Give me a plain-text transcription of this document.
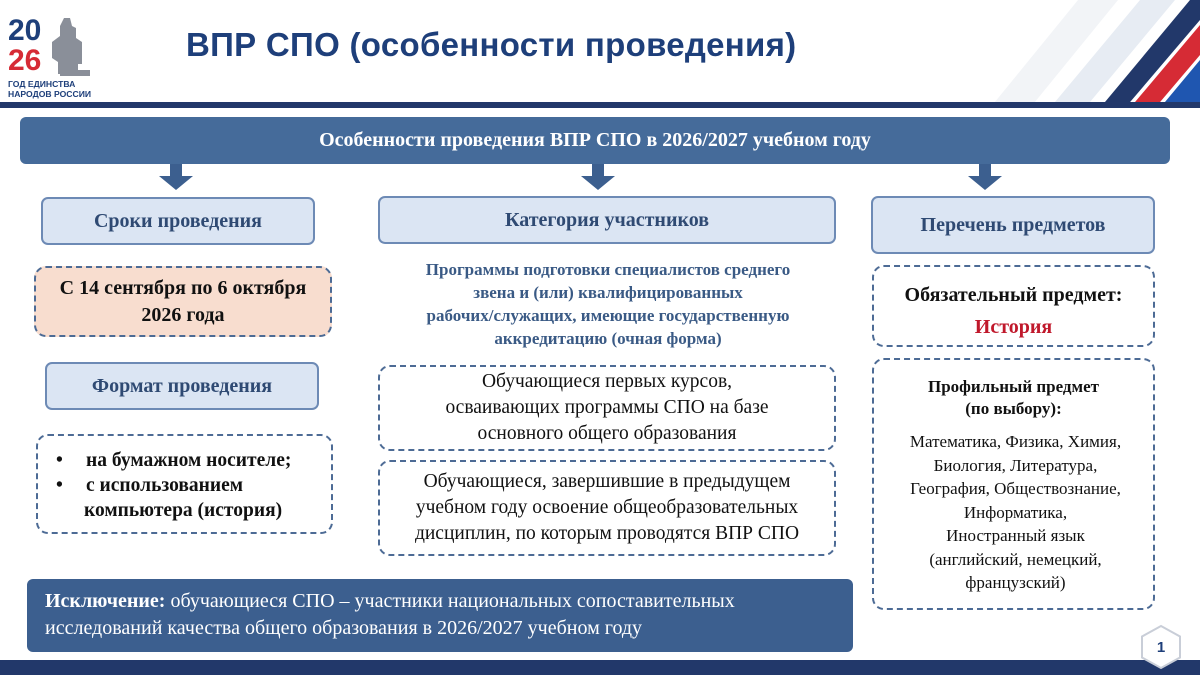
20
26
ГОД ЕДИНСТВА
НАРОДОВ РОССИИ
ВПР СПО (особенности проведения)
Особенности проведения ВПР СПО в 2026/2027 учебном году
Сроки проведения
С 14 сентября по 6 октября
2026 года
Формат проведения
• на бумажном носителе;
• с использованием
компьютера (история)
Категория участников
Программы подготовки специалистов среднего
звена и (или) квалифицированных
рабочих/служащих, имеющие государственную
аккредитацию (очная форма)
Обучающиеся первых курсов,
осваивающих программы СПО на базе
основного общего образования
Обучающиеся, завершившие в предыдущем
учебном году освоение общеобразовательных
дисциплин, по которым проводятся ВПР СПО
Перечень предметов
Обязательный предмет:
История
Профильный предмет
(по выбору):
Математика, Физика, Химия,
Биология, Литература,
География, Обществознание,
Информатика,
Иностранный язык
(английский, немецкий,
французский)
Исключение: обучающиеся СПО – участники национальных сопоставительных
исследований качества общего образования в 2026/2027 учебном году
1
